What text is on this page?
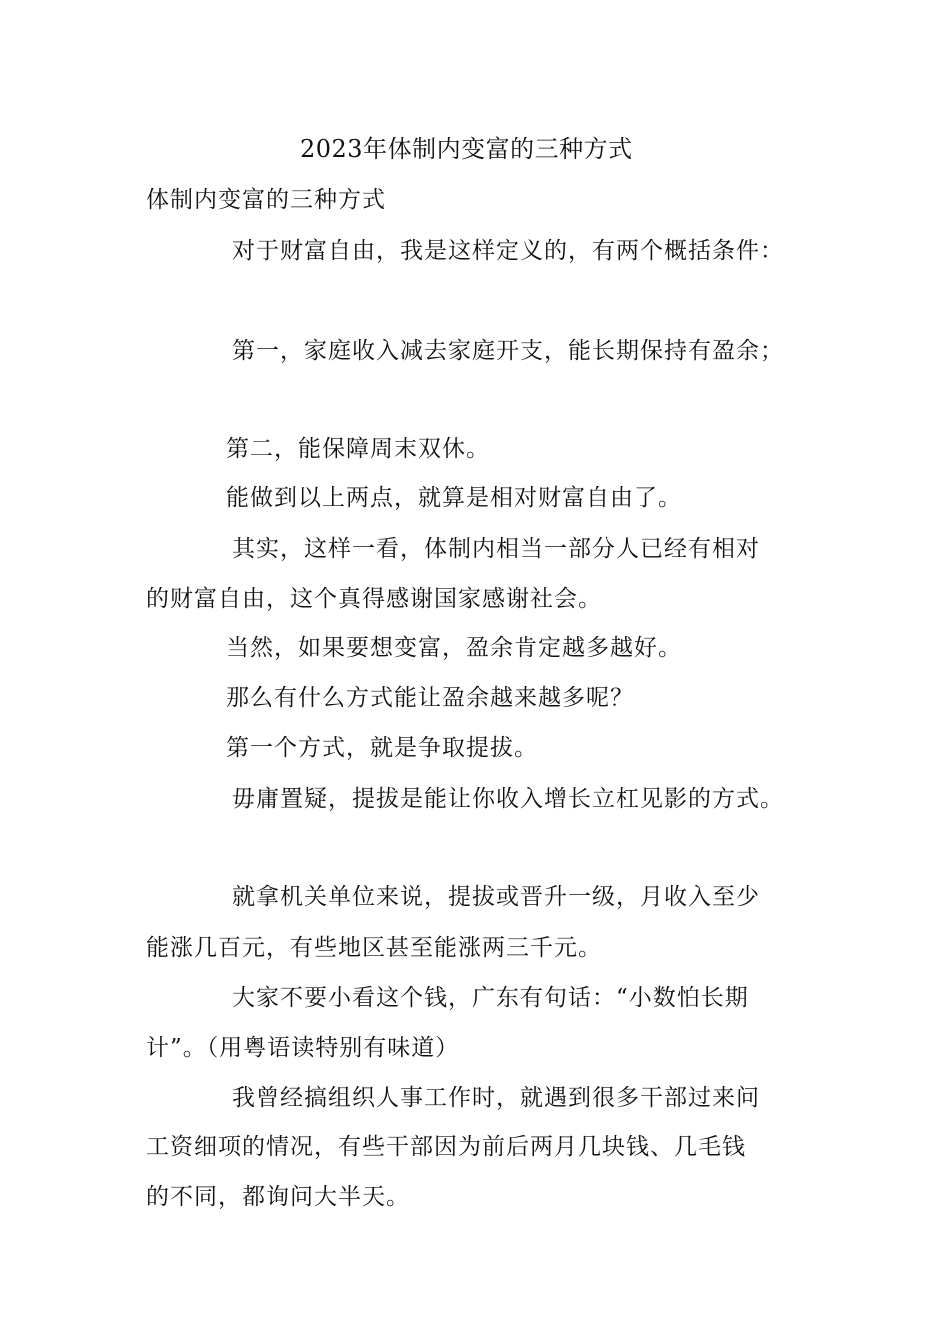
2023年体制内变富的三种方式
体制内变富的三种方式
对于财富自由，我是这样定义的，有两个概括条件：
第一，家庭收入减去家庭开支，能长期保持有盈余；
第二，能保障周末双休。
能做到以上两点，就算是相对财富自由了。
其实，这样一看，体制内相当一部分人已经有相对
的财富自由，这个真得感谢国家感谢社会。
当然，如果要想变富，盈余肯定越多越好。
那么有什么方式能让盈余越来越多呢？
第一个方式，就是争取提拔。
毋庸置疑，提拔是能让你收入增长立杠见影的方式。
就拿机关单位来说，提拔或晋升一级，月收入至少
能涨几百元，有些地区甚至能涨两三千元。
大家不要小看这个钱，广东有句话：“小数怕长期
计”。（用粤语读特别有味道）
我曾经搞组织人事工作时，就遇到很多干部过来问
工资细项的情况，有些干部因为前后两月几块钱、几毛钱
的不同，都询问大半天。
